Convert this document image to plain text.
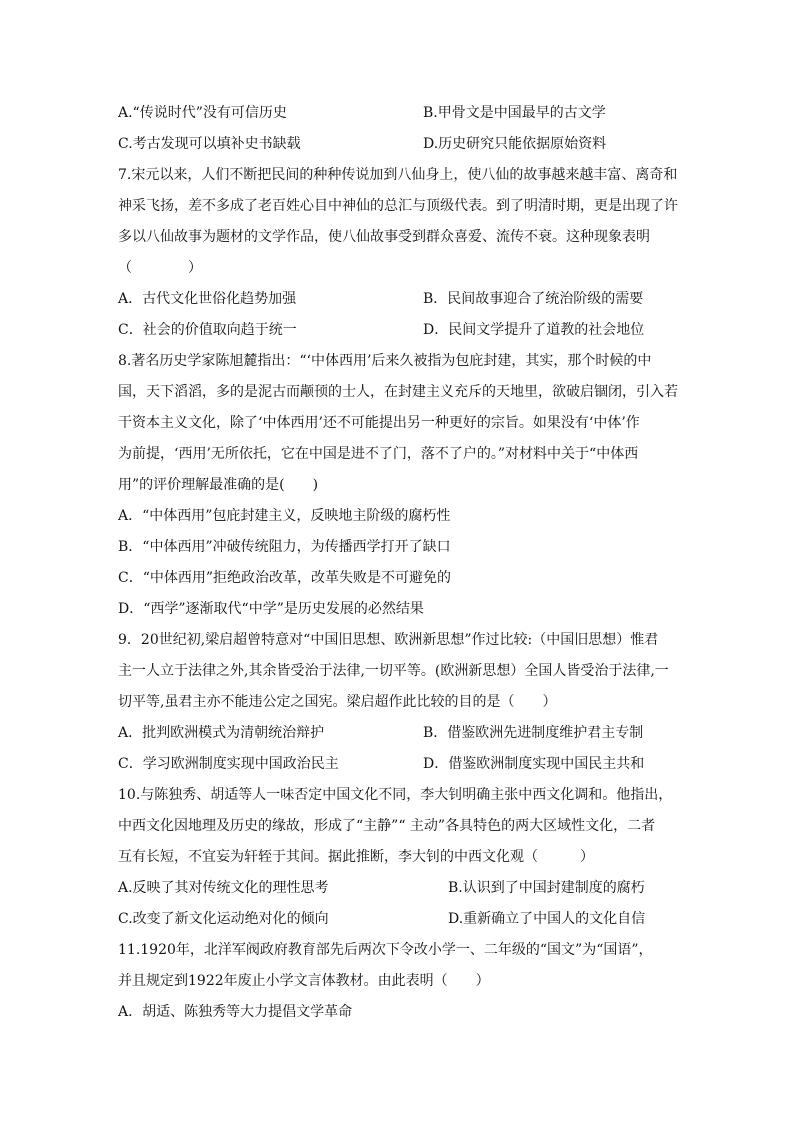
A.“传说时代”没有可信历史	B.甲骨文是中国最早的古文学
C.考古发现可以填补史书缺载	D.历史研究只能依据原始资料
7.宋元以来，人们不断把民间的种种传说加到八仙身上，使八仙的故事越来越丰富、离奇和
神采飞扬，差不多成了老百姓心目中神仙的总汇与顶级代表。到了明清时期，更是出现了许
多以八仙故事为题材的文学作品，使八仙故事受到群众喜爱、流传不衰。这种现象表明
（　　　　）
A．古代文化世俗化趋势加强	B．民间故事迎合了统治阶级的需要
C．社会的价值取向趋于统一	D．民间文学提升了道教的社会地位
8.著名历史学家陈旭麓指出：“‘中体西用’后来久被指为包庇封建，其实，那个时候的中
国，天下滔滔，多的是泥古而颟顸的士人，在封建主义充斥的天地里，欲破启锢闭，引入若
干资本主义文化，除了‘中体西用’还不可能提出另一种更好的宗旨。如果没有‘中体’作
为前提，‘西用’无所依托，它在中国是进不了门，落不了户的。”对材料中关于“中体西
用”的评价理解最准确的是(　　)
A．“中体西用”包庇封建主义，反映地主阶级的腐朽性
B．“中体西用”冲破传统阻力，为传播西学打开了缺口
C．“中体西用”拒绝政治改革，改革失败是不可避免的
D．“西学”逐渐取代“中学”是历史发展的必然结果
9．20世纪初,梁启超曾特意对“中国旧思想、欧洲新思想”作过比较:（中国旧思想）惟君
主一人立于法律之外,其余皆受治于法律,一切平等。(欧洲新思想）全国人皆受治于法律,一
切平等,虽君主亦不能违公定之国宪。梁启超作此比较的目的是（　　）
A．批判欧洲模式为清朝统治辩护	B．借鉴欧洲先进制度维护君主专制
C．学习欧洲制度实现中国政治民主	D．借鉴欧洲制度实现中国民主共和
10.与陈独秀、胡适等人一味否定中国文化不同，李大钊明确主张中西文化调和。他指出，
中西文化因地理及历史的缘故，形成了“主静”“ 主动”各具特色的两大区域性文化，二者
互有长短，不宜妄为轩轾于其间。据此推断，李大钊的中西文化观（　　　）
A.反映了其对传统文化的理性思考	B.认识到了中国封建制度的腐朽
C.改变了新文化运动绝对化的倾向	D.重新确立了中国人的文化自信
11.1920年，北洋军阀政府教育部先后两次下令改小学一、二年级的“国文”为“国语”，
并且规定到1922年废止小学文言体教材。由此表明（　　）
A．胡适、陈独秀等大力提倡文学革命
